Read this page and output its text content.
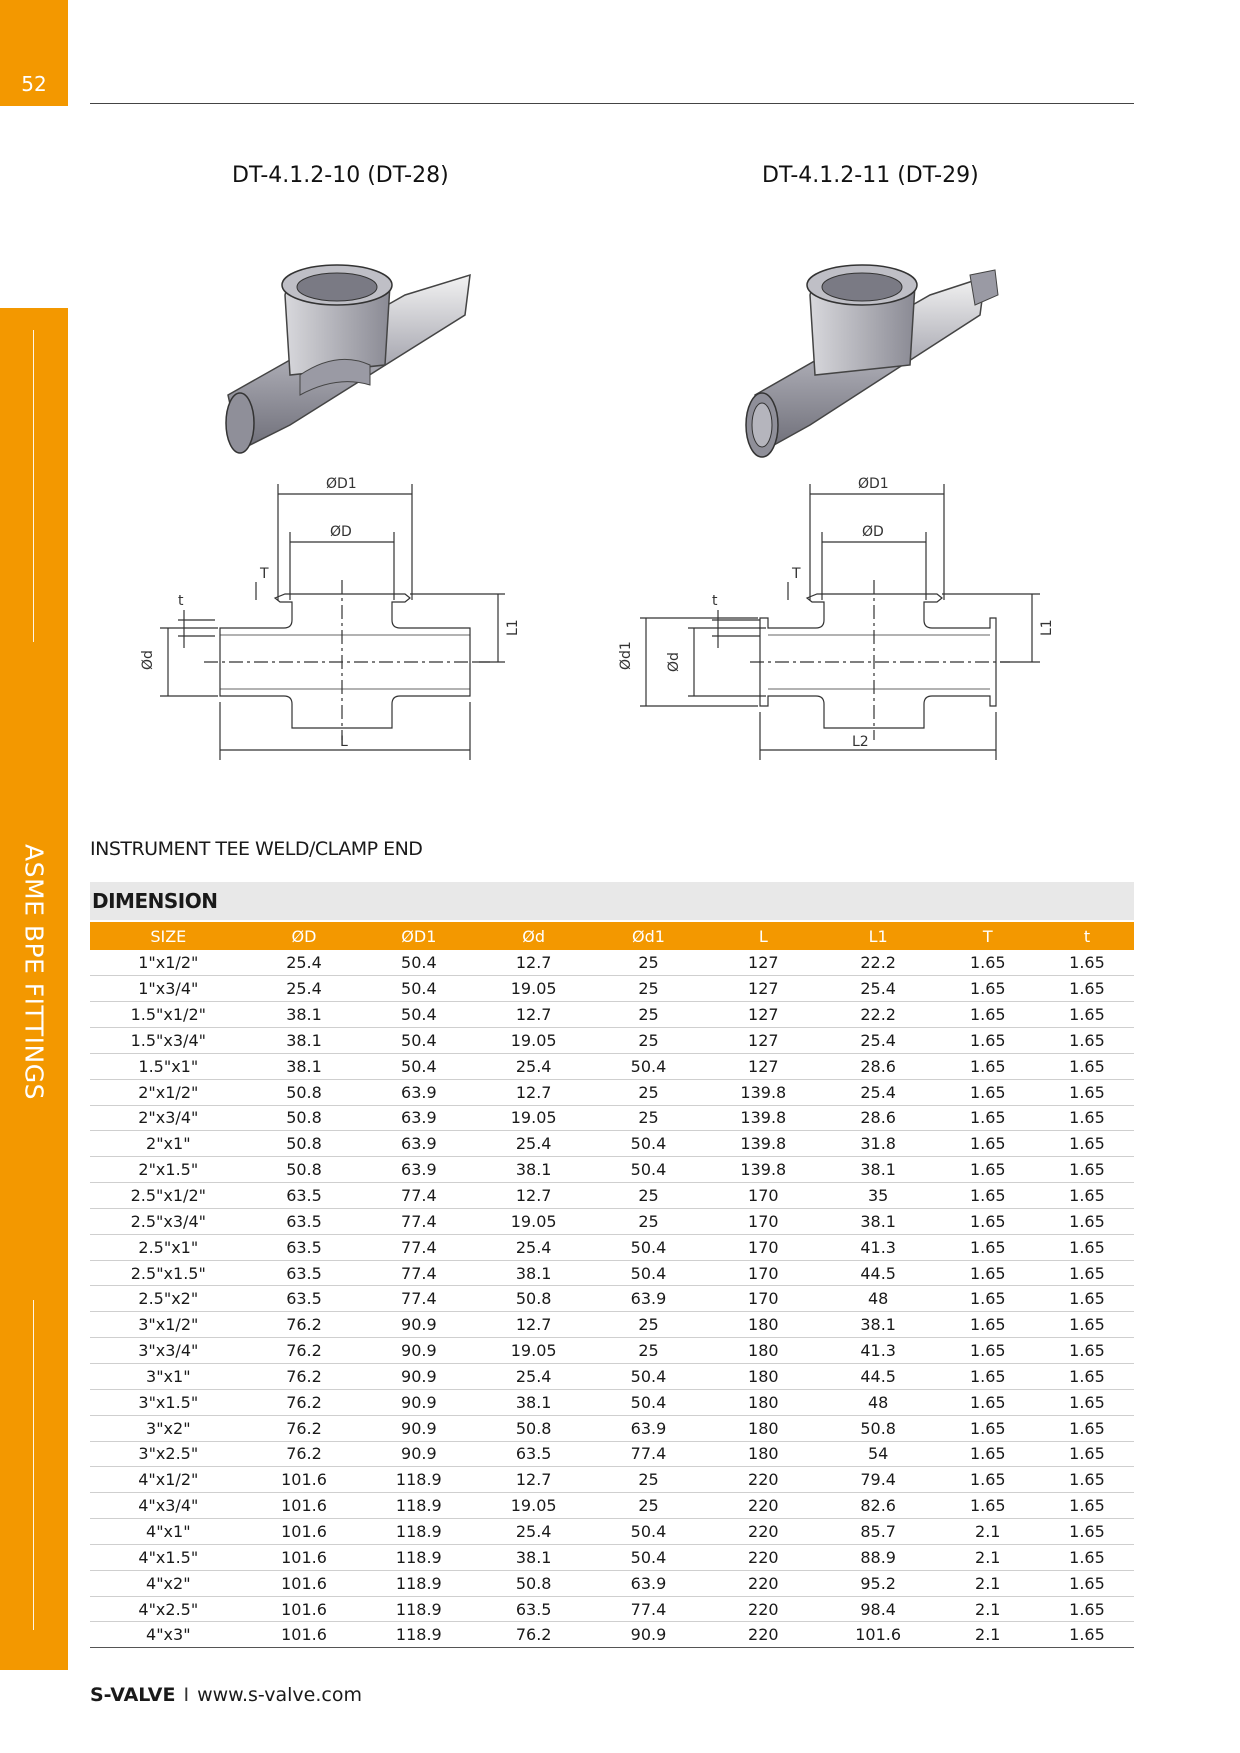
52
ASME BPE FITTINGS
DT-4.1.2-10 (DT-28)	DT-4.1.2-11 (DT-29)
ØD1
ØD
T
t
L
Ød
L1
ØD1
ØD
T
t
L2
Ød1 Ød
L1
INSTRUMENT TEE WELD/CLAMP END
DIMENSION
SIZE	ØD	ØD1	Ød	Ød1	L	L1	T	t
1"x1/2"	25.4	50.4	12.7	25	127	22.2	1.65	1.65
1"x3/4"	25.4	50.4	19.05	25	127	25.4	1.65	1.65
1.5"x1/2"	38.1	50.4	12.7	25	127	22.2	1.65	1.65
1.5"x3/4"	38.1	50.4	19.05	25	127	25.4	1.65	1.65
1.5"x1"	38.1	50.4	25.4	50.4	127	28.6	1.65	1.65
2"x1/2"	50.8	63.9	12.7	25	139.8	25.4	1.65	1.65
2"x3/4"	50.8	63.9	19.05	25	139.8	28.6	1.65	1.65
2"x1"	50.8	63.9	25.4	50.4	139.8	31.8	1.65	1.65
2"x1.5"	50.8	63.9	38.1	50.4	139.8	38.1	1.65	1.65
2.5"x1/2"	63.5	77.4	12.7	25	170	35	1.65	1.65
2.5"x3/4"	63.5	77.4	19.05	25	170	38.1	1.65	1.65
2.5"x1"	63.5	77.4	25.4	50.4	170	41.3	1.65	1.65
2.5"x1.5"	63.5	77.4	38.1	50.4	170	44.5	1.65	1.65
2.5"x2"	63.5	77.4	50.8	63.9	170	48	1.65	1.65
3"x1/2"	76.2	90.9	12.7	25	180	38.1	1.65	1.65
3"x3/4"	76.2	90.9	19.05	25	180	41.3	1.65	1.65
3"x1"	76.2	90.9	25.4	50.4	180	44.5	1.65	1.65
3"x1.5"	76.2	90.9	38.1	50.4	180	48	1.65	1.65
3"x2"	76.2	90.9	50.8	63.9	180	50.8	1.65	1.65
3"x2.5"	76.2	90.9	63.5	77.4	180	54	1.65	1.65
4"x1/2"	101.6	118.9	12.7	25	220	79.4	1.65	1.65
4"x3/4"	101.6	118.9	19.05	25	220	82.6	1.65	1.65
4"x1"	101.6	118.9	25.4	50.4	220	85.7	2.1	1.65
4"x1.5"	101.6	118.9	38.1	50.4	220	88.9	2.1	1.65
4"x2"	101.6	118.9	50.8	63.9	220	95.2	2.1	1.65
4"x2.5"	101.6	118.9	63.5	77.4	220	98.4	2.1	1.65
4"x3"	101.6	118.9	76.2	90.9	220	101.6	2.1	1.65
S-VALVE I www.s-valve.com
